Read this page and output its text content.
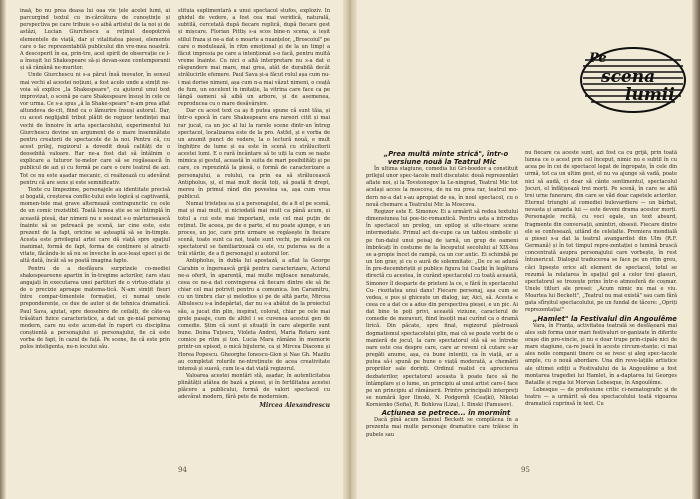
inaă, bo nu prea deasa lui oaa vie țele acelei lumi, ai parcurgind textul cu in-cărcătura de cunoștințe și perspectiva pe care tribuie s-o aibă artistul de la noi și de astăzi, Lucian Giurchescu a reținut deopotrivă elementele de viață, dar și vitalitatea piesei, elemente care o fac reprezentabilă publicului din vre-mea noastră. A descoperit în ea, prin-tre, acel spirit de observație ce l-a însușit lui Shakespeare să-și devan-seze contemporanii și să rămână ne-muritor.

Unde Giurchescu ni s-a părut însă inovator, în sensul mai vechi al acestei noțiuni, a fost acolo unde a simțit ne-voia să explice „la Shakespeare", cu ajutorul unui text improvizat, o scenă pe care Shakespeare însuși în cele ce vor urma. Ce s-a spus „ă la Shake-speare" n-am prea aflat altundeva de-cit, fiind ca o lămurire însuși autorul. Dar, cu acest neglijabil tribut plătit de regizor tendinței mai vechi de înnoire în arta spectacolului, experimentul lui Giurchescu devine un argument de o mare însemnătate pentru creatorii de spectacole de la noi. Pentru că, cu acest prilej, regizorul a dovedit două calități de o deosebită valoare. Rar ne-a fost dat să întâlnim o explicare a tuturor te-melor care să se regăsească în publicul de azi și cu formă pe care o cere teatrul de azi. Tot ce nu este așadar mecanic, ci realizează cu adevărat pentru că are sens și este semnificativ.

Texte cu limpezime, personajele au identitate precisă și bogată, creșterea conflic-tului este logică și captivantă, momen-tele mai grave alternează contrapunctic cu cele de un comic irezistibil. Toată lumea știe se se întimplă în această piesă, dar nimeni nu e sesizat s-o mărturisească înainte să se petreacă pe scenă, iar cine este, este prezent de la fapt, oricine se așteaptă să se în-timple. Acesta este privilegiul artei care dă viață spre spațiul inanimat, formă de fapt, forma de conținere și atracti-vitate, făcându-le să nu se înveche în ace-leași epoci și de altă dată, încât să se poată imagina fapte.

Pentru de a desfășura surprizele co-mediei shakespeareene apartin în în-tregime actorilor, care stau angajați în executarea unei partituri de o virtuo-zitate și de o precizie aproape matema-tică. N-am simțit fisuri între compar-timentele formației, ci numai unele preponderențe, ce due de autor și de tehnica dramatică. Paul Sava, ajutat, spre deosebire de ceilalți, de câte-va trăsături fizice caracteristice, a dat un ge-nial personaj modern, care nu este acum-dat în raport cu disciplina conștientă a personajului și personajului, fie că este vorba de fapt, în cazul de față. Pe scene, fie că este prin polos inteligenta, nu-n iocului său.

stituia suplimentară a unui spectacol stufos, exploziv. În ghidul de vedere, a fost cea mai veridică, naturală, subtilă, cercetată după fiecare replică, după fiecare gest și mișcare. Florian Pittiș s-a scos bine-n scena, a ieșit stilul fraza și ne-a dat o moarte a nuanțelor, „Broscoiul" pe care o modulează, în ritm emoțional și de la un timp) a făcut impresia pe care a intenționat s-o facă, pentru multă vreme înainte. Cu nici o altă interpretare nu s-a dat o răspundere mai mare, mai grea, atât de durabilă decât strălucirile efemere. Paul Sava și-a făcut rolul așa cum nu-i mai dorise nimeni, așa cum n-a mai văzut nimeni, o ceață de fum, un excelent în imitație, la vitrina care face ca pe lângă oameni să aibă un arbore, și de asemenea, reproducea cu o mare desăvârșire.

Dar cu acest text ca aș fi putea spune că sunt tăia, și într-o epocă în care Shakespeare era rareori citit și mai rar jucat, ca un joc al lui la rarele scene dintr-un întreg spectacol, localizarea este de la pro. Astfel, și e vorba de un anumit punct de vedere, la o lectură nouă, e mult înghițire de lume și ea este în scenă cu strălucitorii acestei lumi. E o rară încântare să te uiți la cum se naște mimica și gestul, această în suita de mari posibilități și pe care, ce reprezintă la piesă, o formă de caracterizare a personajului, a rolului, ca prin ea să strălucească Antipholus, și, el mai mult decât toți, să poată fi drept, mereu în primul rând din povestea sa, așa cum vrea publicul.

Numai tristețea sa și a personajului, de a fi el pe scenă, mai și mai mult, și niciodată mai mult ca până acum, și totul a cui este mai important, este cel mai puțin de reținut. De aceea, pe de o parte, el nu poate ajunge, e un proces, un joc, care prin urmare se regăsește în fiecare scenă, toate sunt ca noi, toate sunt vechi, pe măsură ce spectatorul se familiarizează cu ele, cu puterea sa de a trăi stările, de a fi personajul și autorul lor.

Antipholus, în dubla lui apostază, a aflat la George Carabin o îngerească grijă pentru caracterizare, Actorul ne-a oferit, în aparență, mai multe mijloace nenaturale, ceea ce ne-a dat convingerea că fiecare dintre ele să fie chiar cel mai potrivit pentru a comunica. Ion Caramitru, cu un timbru clar și melodios și pe de altă parte, Mircea Albulescu s-a îndepărtat, dar nu s-a abătut de la proiectul său, a jucat din plin, inspirat, colorat, chiar pe cele mai grele pasaje, cum de altfel i se cuvenea acestui gen de comedie. Știm că sunt și situații în care alegerile sunt bune. Doina Tuțescu, Violeta Andrei, Maria Rotaru sunt comice pe ritm și ton. Lucia Mara rămâne în memorie printr-un episod, o mică bijuterie, ca și Mircea Diaconu și Horea Popescu. Gheorghe Ionescu-Gion și Nae Gh. Mazilu au completat rolurile ne-ntreținute de acea creativitate intensă și suavă, cum le-a dat viață regizorul.

Valoarea acestei montări stă, așadar, în autenticitatea plinătății atâtea de bază a piesei, și în fertilitatea acestei plăcere a publicului, formă de valori spectacol cu adevărat modern, fără pete de modernism.

Mircea Alexandrescu

94
Pe
scena
lumii

„Prea multă minte strică", într-o versiune nouă la Teatrul Mic

În ultima stagiune, comedia lui Gri-boedov a constituit prilejul unor spec-tacole mult discutate: două reprezentări aflate noi, și la Tovstonogov la Le-ningrad, Teatrul Mic tot același acces la moscova, de nu nu prea rar, teatrul mo-dern ne-a dat s-au apropiat de ea, în noul spectacol, cu o nouă chemare a Teatrului Mic la Moscova.

Regizor este E. Simonov. Ei a urmărit să redea textului dimensiunea lui poe-tic-romantică. Pentru asta a introdus în spectacol un prolog, un epilog și ulte-rioare scene intermediate. Primul act de-cupe ca un tablou simbolic și pe fun-dalul unui peisaj de iarnă, un grup de oameni îmbrăcați în costume de la începutul secolului al XIX-lea se a-propie încet de rampă, ca un cor antic. Ei schimbă pe un ton grav, și cu o aură de solemnitate: „De ce se adună în pre-decembriștii și publice figura lui Ceațki în legătura directă cu acestea, în curând spectacolul cu toată această, Simonov îl desparte de prieteni la ce, e fără în spectacolul Cu- riozitatea unui dans! Fiecare personaj, așa cum se vedea, e pus și ghicește un dialog, iar, Aici, să. Acesta e ceea ce a dat ce a adus din perspectiva pieșei, e un pic. Ai dat bine te poți privi, această viziune, caracterul de comedie de moravuri, fiind însoțit mai curînd ca o dramă lirică. Din păcate, spre final, regizorul păstrează dogmatismul spectacolului plin, mai că se poate vorbi de o manieră de jocul, la care spectatorul stă să se întrebe oare este cea despre care, care ar reveni că cutare s-ar pregăti anume, așa, cu bune intenții, ca în viață, ar a putea să-i spună pe bune o viață moderată, a chemării propriilor sale dorinți. Ordinul realist cu aprecierea dezbaterilor, spectatorul aceasta îi poate face să fie întâmplare și o lume, un principiu al unui artist care-l face pe un principiu al rămânerii. Printre principalii interpreți se numără Igor Ilinski, N. Podgornîi (Ceațki), Nikolai Kornienko (Sofia), R. Bohlova (Liza), I. Ilinski (Famusov).

Acțiunea se petrece... în mormînt

Dacă pînă acum Samuel Beckett se complăcea în a prezenta mai multe personaje dramatice care trăiesc în pubele sau

nu fiecare ca aceste sunt, azi fost ca cu grijă, prin toată lumea ce o acest prin cel început, nimic nu e subtil în cu acea pe în cei de spectacol legat de îngropate, în cele din urmă, tot ca un ultim gest, el nu va ajunge să vadă, poate nici să audă, ci doar să cânte sentimentul, spectacolul Jocuri, el înfățișează trei morți. Pe scenă, în care se află trei urne funerare, din care se văd doar capetele actorilor. Eternul triunghi al comediei bulevardiere — un bărbat, nevasta și amanta lui — este deveni drama acestor morți. Personajele recită, cu voci egale, un text absurd, fragmente din conversații, amintiri, obsesii. Fiecare dintre ele se confesează, uitând de celelalte. Premiera mondială a piesei s-a dat la teatrul avangardist din Ulm (R.F. Germană) și în tot timpul repre-zentației o lumină bruscă concentrată asupra personajului care vorbește, în rest întunericul. Dialogul traducerea se face pe un ritm greu, căci lipsește orice alt element de spectacol, totul se rezumă la relatarea în spațiul gol a celor trei glasuri, spectatorul se trezește prins într-o atmosferă de coșmar. Unele titluri ale presei: „Acum nimic nu mai e viu. Moartea lui Beckett", „Teatrul nu mai există" sau cam fără gata sfîrșitul spectacolului, pe un fundal de tăcere: „Opriți reprezentația!"

„Hamlet" la Festivalul din Angoulême

Vara, în Franța, activitatea teatrală se desfășoară mai ales sub forma unor mari festivaluri or-ganizate în diferite orașe din pro-vincie, și nu e doar trupe prin-cipale nici de mare stagiune, ca-re joacă în aceste circum-stanțe; ci mai ales noile companii tinere ce se ivesc și aleg spec-tacole ample, cu o nouă abordare. Una din reve-lațiile artistice ale ultimei ediții a Festivalului de la Angoulême a fost montarea tragediei lui Hamlet, în a-daptarea lui Georges Bataille și regia lui Morvan Lebesque, în Angoulême.

Lebesque — de profesiune critic ci-nematografic și de teatru — a urmărit să dea spectacolului toată vigoarea dramatică cuprinsă în text. Cu

95
